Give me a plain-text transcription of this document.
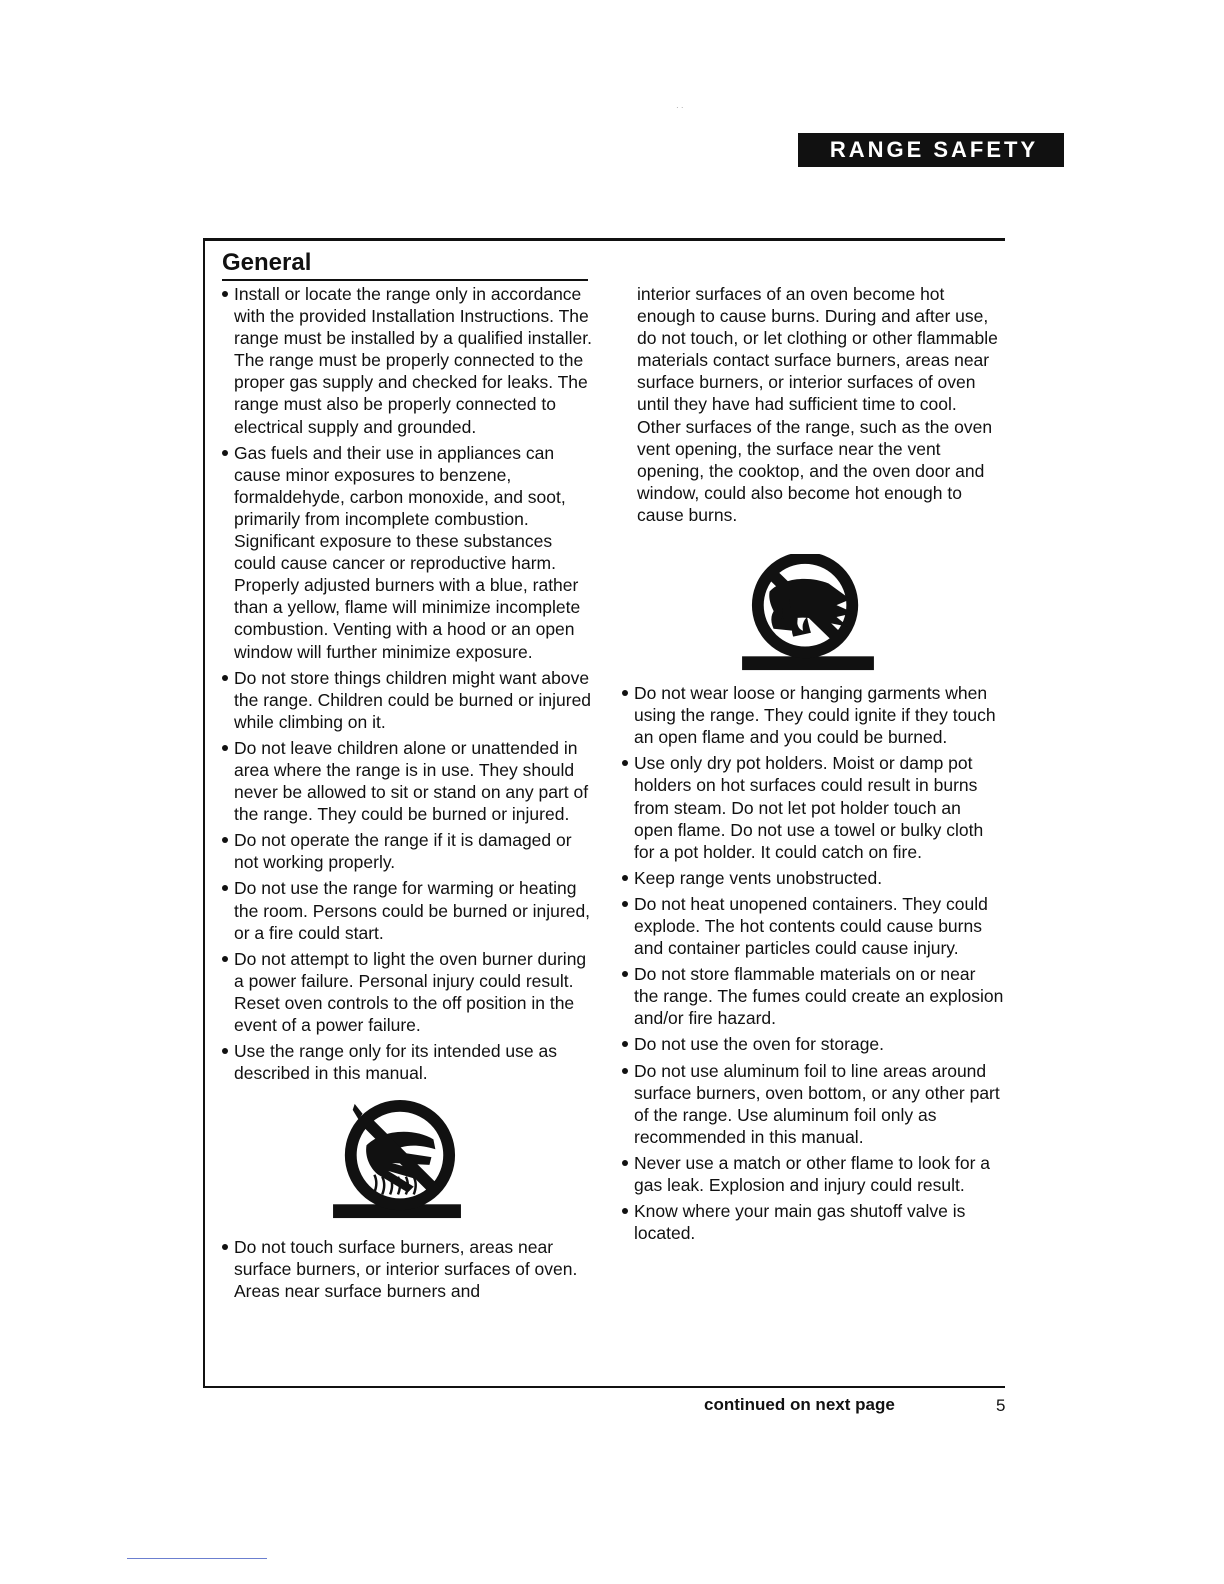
· ·
RANGE SAFETY
General
Install or locate the range only in accordance with the provided Installation Instructions. The range must be installed by a qualified installer. The range must be properly connected to the proper gas supply and checked for leaks. The range must also be properly connected to electrical supply and grounded.
Gas fuels and their use in appliances can cause minor exposures to benzene, formaldehyde, carbon monoxide, and soot, primarily from incomplete combustion. Significant exposure to these substances could cause cancer or reproductive harm. Properly adjusted burners with a blue, rather than a yellow, flame will minimize incomplete combustion. Venting with a hood or an open window will further minimize exposure.
Do not store things children might want above the range. Children could be burned or injured while climbing on it.
Do not leave children alone or unattended in area where the range is in use. They should never be allowed to sit or stand on any part of the range. They could be burned or injured.
Do not operate the range if it is damaged or not working properly.
Do not use the range for warming or heating the room. Persons could be burned or injured, or a fire could start.
Do not attempt to light the oven burner during a power failure. Personal injury could result. Reset oven controls to the off position in the event of a power failure.
Use the range only for its intended use as described in this manual.
Do not touch surface burners, areas near surface burners, or interior surfaces of oven. Areas near surface burners and

interior surfaces of an oven become hot enough to cause burns. During and after use, do not touch, or let clothing or other flammable materials contact surface burners, areas near surface burners, or interior surfaces of oven until they have had sufficient time to cool. Other surfaces of the range, such as the oven vent opening, the surface near the vent opening, the cooktop, and the oven door and window, could also become hot enough to cause burns.

Do not wear loose or hanging garments when using the range. They could ignite if they touch an open flame and you could be burned.
Use only dry pot holders. Moist or damp pot holders on hot surfaces could result in burns from steam. Do not let pot holder touch an open flame. Do not use a towel or bulky cloth for a pot holder. It could catch on fire.
Keep range vents unobstructed.
Do not heat unopened containers. They could explode. The hot contents could cause burns and container particles could cause injury.
Do not store flammable materials on or near the range. The fumes could create an explosion and/or fire hazard.
Do not use the oven for storage.
Do not use aluminum foil to line areas around surface burners, oven bottom, or any other part of the range. Use aluminum foil only as recommended in this manual.
Never use a match or other flame to look for a gas leak. Explosion and injury could result.
Know where your main gas shutoff valve is located.
continued on next page	5
